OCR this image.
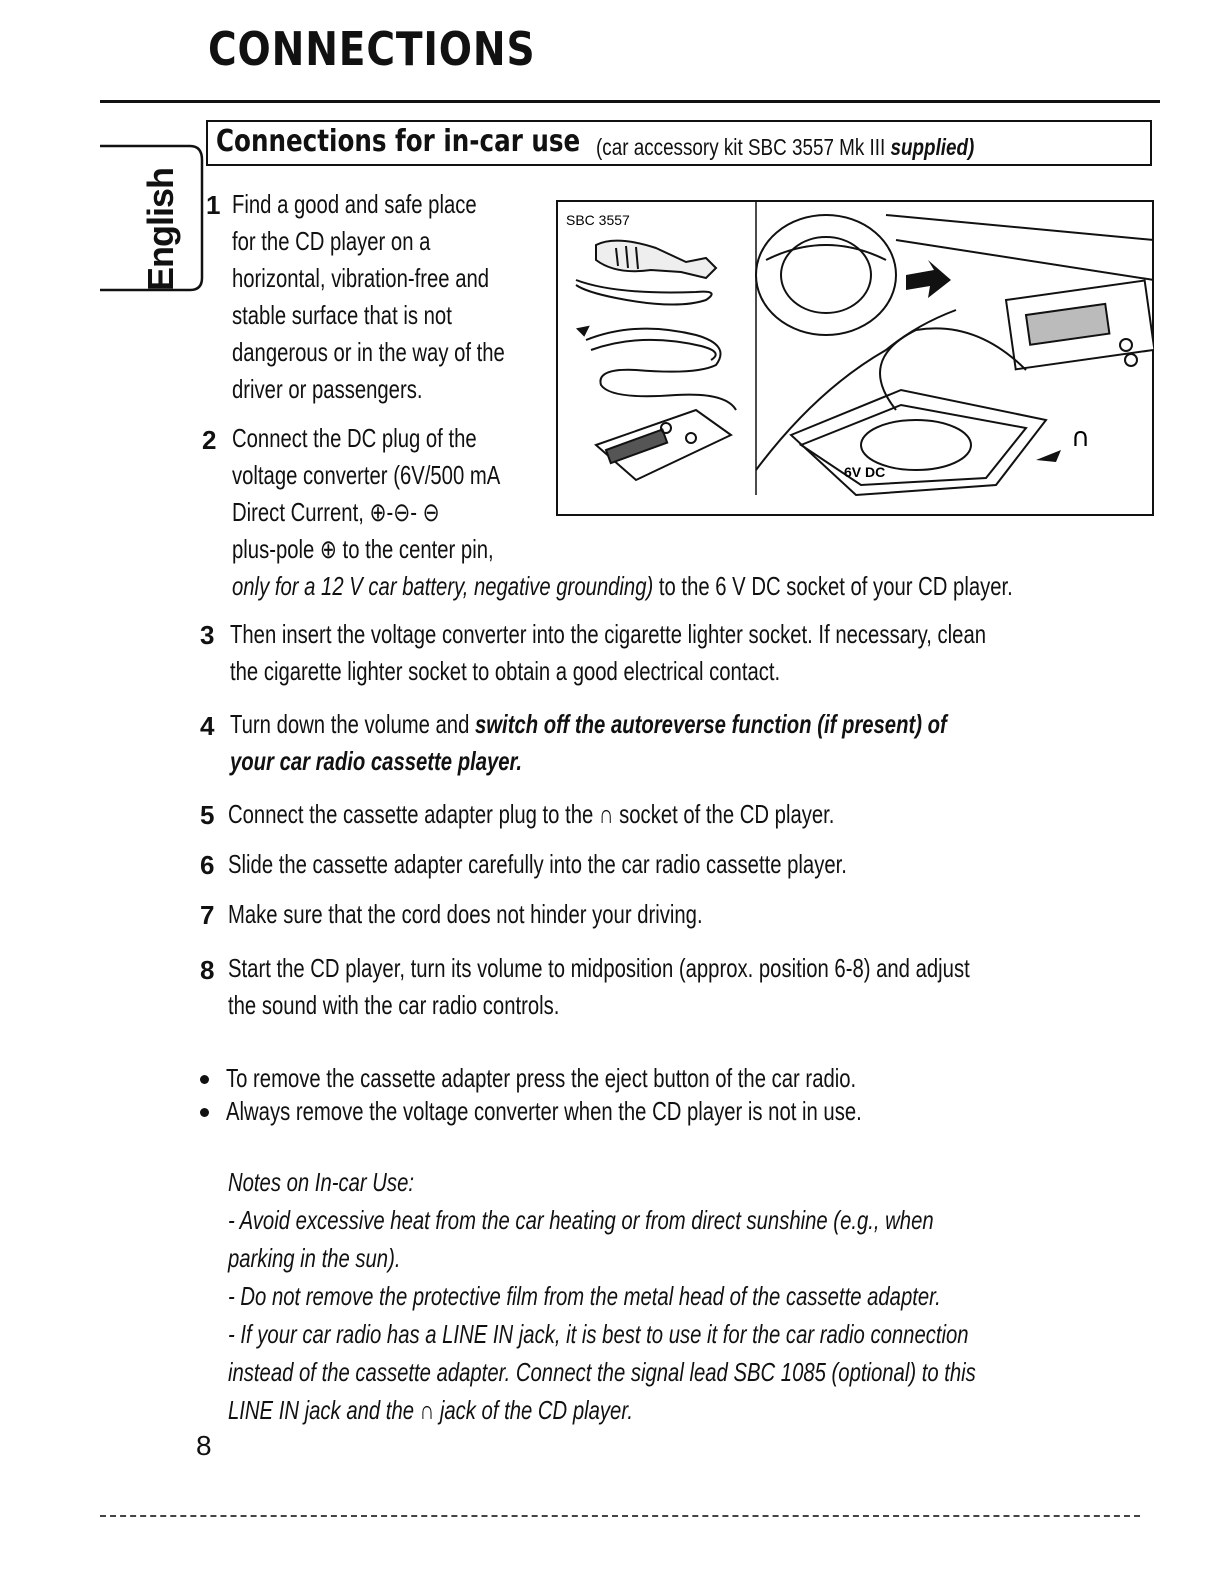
CONNECTIONS
English
Connections for in-car use (car accessory kit SBC 3557 Mk III supplied)
SBC 3557
6V DC
∩
1 Find a good and safe place
for the CD player on a
horizontal, vibration-free and
stable surface that is not
dangerous or in the way of the
driver or passengers.
2 Connect the DC plug of the
voltage converter (6V/500 mA
Direct Current, ⊕-⊖- ⊖
plus-pole ⊕ to the center pin,
only for a 12 V car battery, negative grounding) to the 6 V DC socket of your CD player.
3 Then insert the voltage converter into the cigarette lighter socket. If necessary, clean
the cigarette lighter socket to obtain a good electrical contact.
4 Turn down the volume and switch off the autoreverse function (if present) of
your car radio cassette player.
5 Connect the cassette adapter plug to the ∩ socket of the CD player.
6 Slide the cassette adapter carefully into the car radio cassette player.
7 Make sure that the cord does not hinder your driving.
8 Start the CD player, turn its volume to midposition (approx. position 6-8) and adjust
the sound with the car radio controls.
To remove the cassette adapter press the eject button of the car radio.
Always remove the voltage converter when the CD player is not in use.
Notes on In-car Use:
- Avoid excessive heat from the car heating or from direct sunshine (e.g., when
parking in the sun).
- Do not remove the protective film from the metal head of the cassette adapter.
- If your car radio has a LINE IN jack, it is best to use it for the car radio connection
instead of the cassette adapter. Connect the signal lead SBC 1085 (optional) to this
LINE IN jack and the ∩ jack of the CD player.
8
